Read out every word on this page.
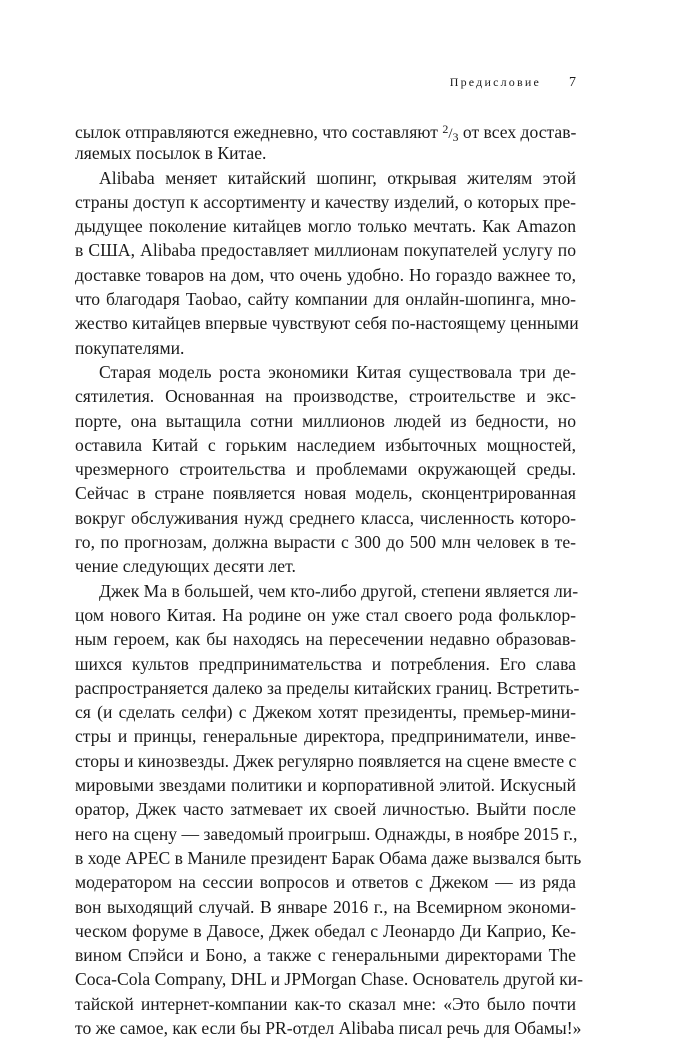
Предисловие 7
сылок отправляются ежедневно, что составляют 2/3 от всех достав-
ляемых посылок в Китае.
Alibaba меняет китайский шопинг, открывая жителям этой
страны доступ к ассортименту и качеству изделий, о которых пре-
дыдущее поколение китайцев могло только мечтать. Как Amazon
в США, Alibaba предоставляет миллионам покупателей услугу по
доставке товаров на дом, что очень удобно. Но гораздо важнее то,
что благодаря Taobao, сайту компании для онлайн-шопинга, мно-
жество китайцев впервые чувствуют себя по-настоящему ценными
покупателями.
Старая модель роста экономики Китая существовала три де-
сятилетия. Основанная на производстве, строительстве и экс-
порте, она вытащила сотни миллионов людей из бедности, но
оставила Китай с горьким наследием избыточных мощностей,
чрезмерного строительства и проблемами окружающей среды.
Сейчас в стране появляется новая модель, сконцентрированная
вокруг обслуживания нужд среднего класса, численность которо-
го, по прогнозам, должна вырасти с 300 до 500 млн человек в те-
чение следующих десяти лет.
Джек Ма в большей, чем кто-либо другой, степени является ли-
цом нового Китая. На родине он уже стал своего рода фольклор-
ным героем, как бы находясь на пересечении недавно образовав-
шихся культов предпринимательства и потребления. Его слава
распространяется далеко за пределы китайских границ. Встретить-
ся (и сделать селфи) с Джеком хотят президенты, премьер-мини-
стры и принцы, генеральные директора, предприниматели, инве-
сторы и кинозвезды. Джек регулярно появляется на сцене вместе с
мировыми звездами политики и корпоративной элитой. Искусный
оратор, Джек часто затмевает их своей личностью. Выйти после
него на сцену — заведомый проигрыш. Однажды, в ноябре 2015 г.,
в ходе APEC в Маниле президент Барак Обама даже вызвался быть
модератором на сессии вопросов и ответов с Джеком — из ряда
вон выходящий случай. В январе 2016 г., на Всемирном экономи-
ческом форуме в Давосе, Джек обедал с Леонардо Ди Каприо, Ке-
вином Спэйси и Боно, а также с генеральными директорами The
Coca-Cola Company, DHL и JPMorgan Chase. Основатель другой ки-
тайской интернет-компании как-то сказал мне: «Это было почти
то же самое, как если бы PR-отдел Alibaba писал речь для Обамы!»
